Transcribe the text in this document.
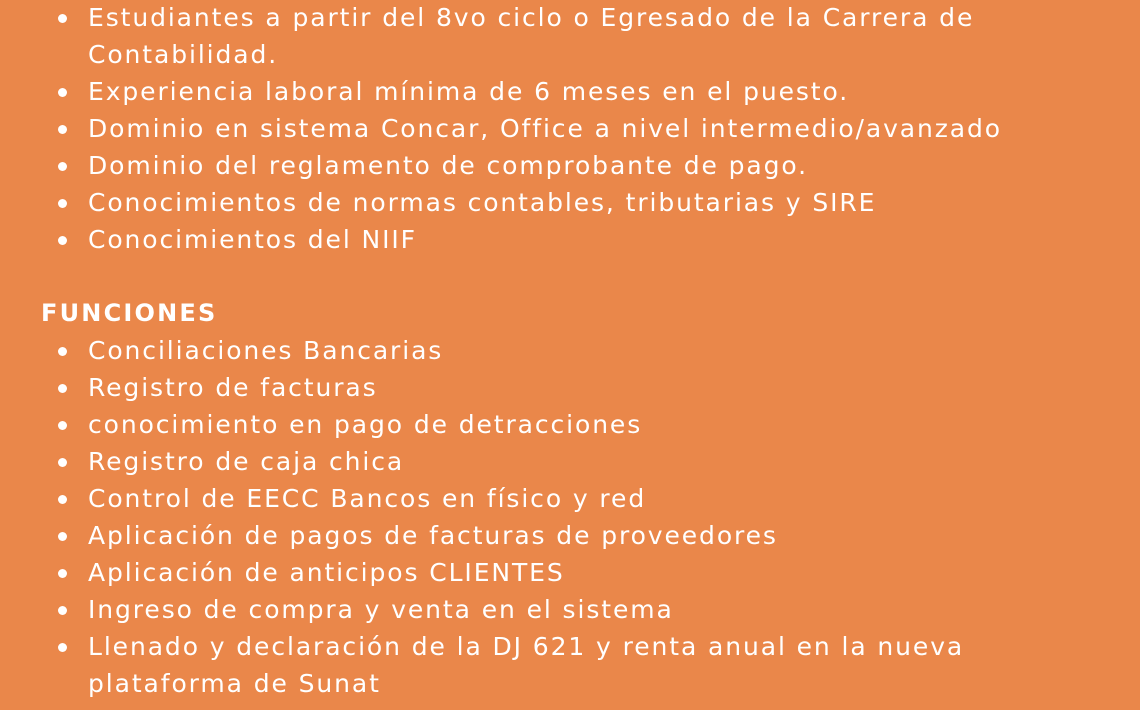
Estudiantes a partir del 8vo ciclo o Egresado de la Carrera de Contabilidad.
Experiencia laboral mínima de 6 meses en el puesto.
Dominio en sistema Concar, Office a nivel intermedio/avanzado
Dominio del reglamento de comprobante de pago.
Conocimientos de normas contables, tributarias y SIRE
Conocimientos del NIIF
FUNCIONES
Conciliaciones Bancarias
Registro de facturas
conocimiento en pago de detracciones
Registro de caja chica
Control de EECC Bancos en físico y red
Aplicación de pagos de facturas de proveedores
Aplicación de anticipos CLIENTES
Ingreso de compra y venta en el sistema
Llenado y declaración de la DJ 621 y renta anual en la nueva plataforma de Sunat
